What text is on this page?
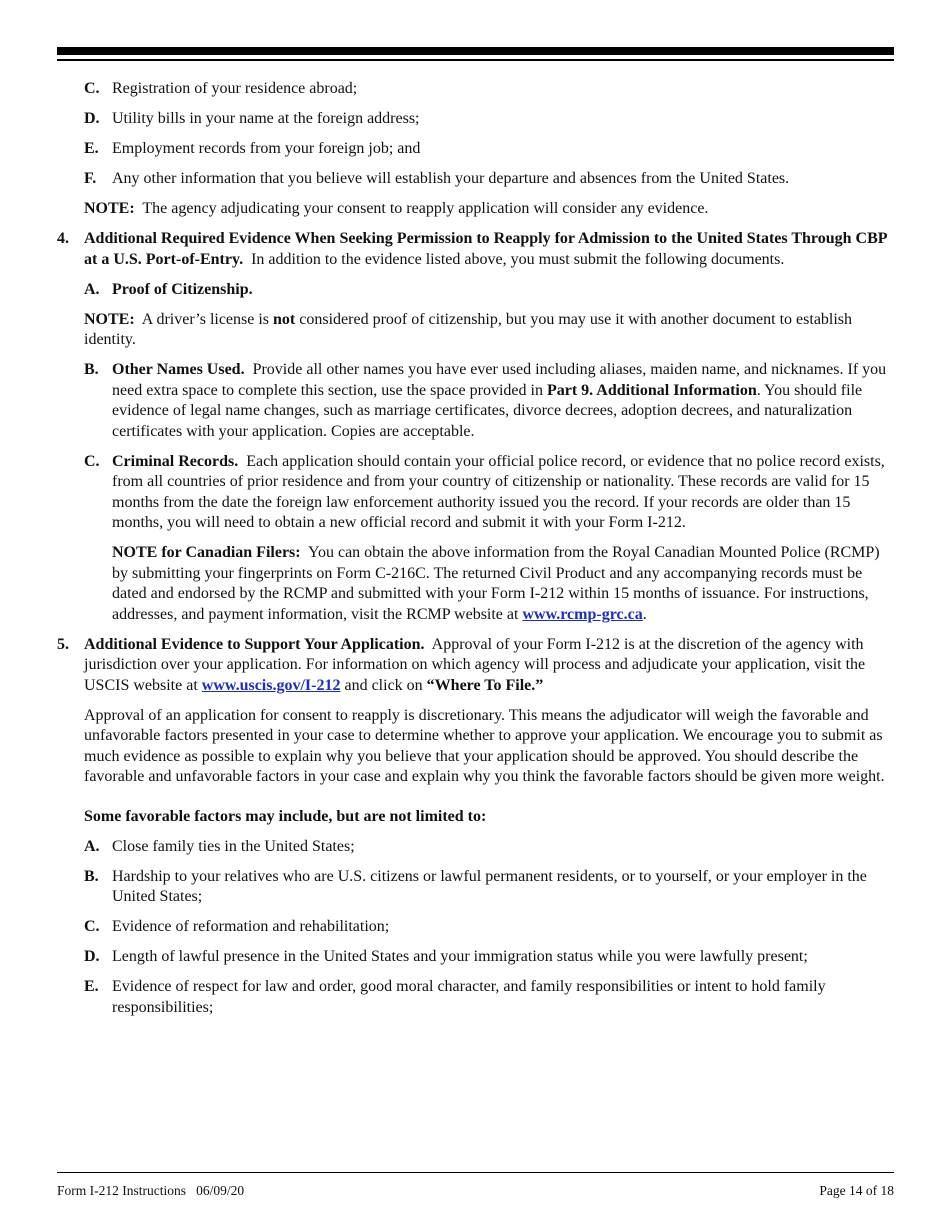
C. Registration of your residence abroad;
D. Utility bills in your name at the foreign address;
E. Employment records from your foreign job; and
F. Any other information that you believe will establish your departure and absences from the United States.

NOTE: The agency adjudicating your consent to reapply application will consider any evidence.

4. Additional Required Evidence When Seeking Permission to Reapply for Admission to the United States Through CBP at a U.S. Port-of-Entry. In addition to the evidence listed above, you must submit the following documents.
A. Proof of Citizenship.

NOTE: A driver’s license is not considered proof of citizenship, but you may use it with another document to establish identity.

B. Other Names Used. Provide all other names you have ever used including aliases, maiden name, and nicknames. If you need extra space to complete this section, use the space provided in Part 9. Additional Information. You should file evidence of legal name changes, such as marriage certificates, divorce decrees, adoption decrees, and naturalization certificates with your application. Copies are acceptable.
C. Criminal Records. Each application should contain your official police record, or evidence that no police record exists, from all countries of prior residence and from your country of citizenship or nationality. These records are valid for 15 months from the date the foreign law enforcement authority issued you the record. If your records are older than 15 months, you will need to obtain a new official record and submit it with your Form I-212.

NOTE for Canadian Filers: You can obtain the above information from the Royal Canadian Mounted Police (RCMP) by submitting your fingerprints on Form C-216C. The returned Civil Product and any accompanying records must be dated and endorsed by the RCMP and submitted with your Form I-212 within 15 months of issuance. For instructions, addresses, and payment information, visit the RCMP website at www.rcmp-grc.ca.

5. Additional Evidence to Support Your Application. Approval of your Form I-212 is at the discretion of the agency with jurisdiction over your application. For information on which agency will process and adjudicate your application, visit the USCIS website at www.uscis.gov/I-212 and click on “Where To File.”

Approval of an application for consent to reapply is discretionary. This means the adjudicator will weigh the favorable and unfavorable factors presented in your case to determine whether to approve your application. We encourage you to submit as much evidence as possible to explain why you believe that your application should be approved. You should describe the favorable and unfavorable factors in your case and explain why you think the favorable factors should be given more weight.

Some favorable factors may include, but are not limited to:

A. Close family ties in the United States;
B. Hardship to your relatives who are U.S. citizens or lawful permanent residents, or to yourself, or your employer in the United States;
C. Evidence of reformation and rehabilitation;
D. Length of lawful presence in the United States and your immigration status while you were lawfully present;
E. Evidence of respect for law and order, good moral character, and family responsibilities or intent to hold family responsibilities;
Form I-212 Instructions   06/09/20	Page 14 of 18
